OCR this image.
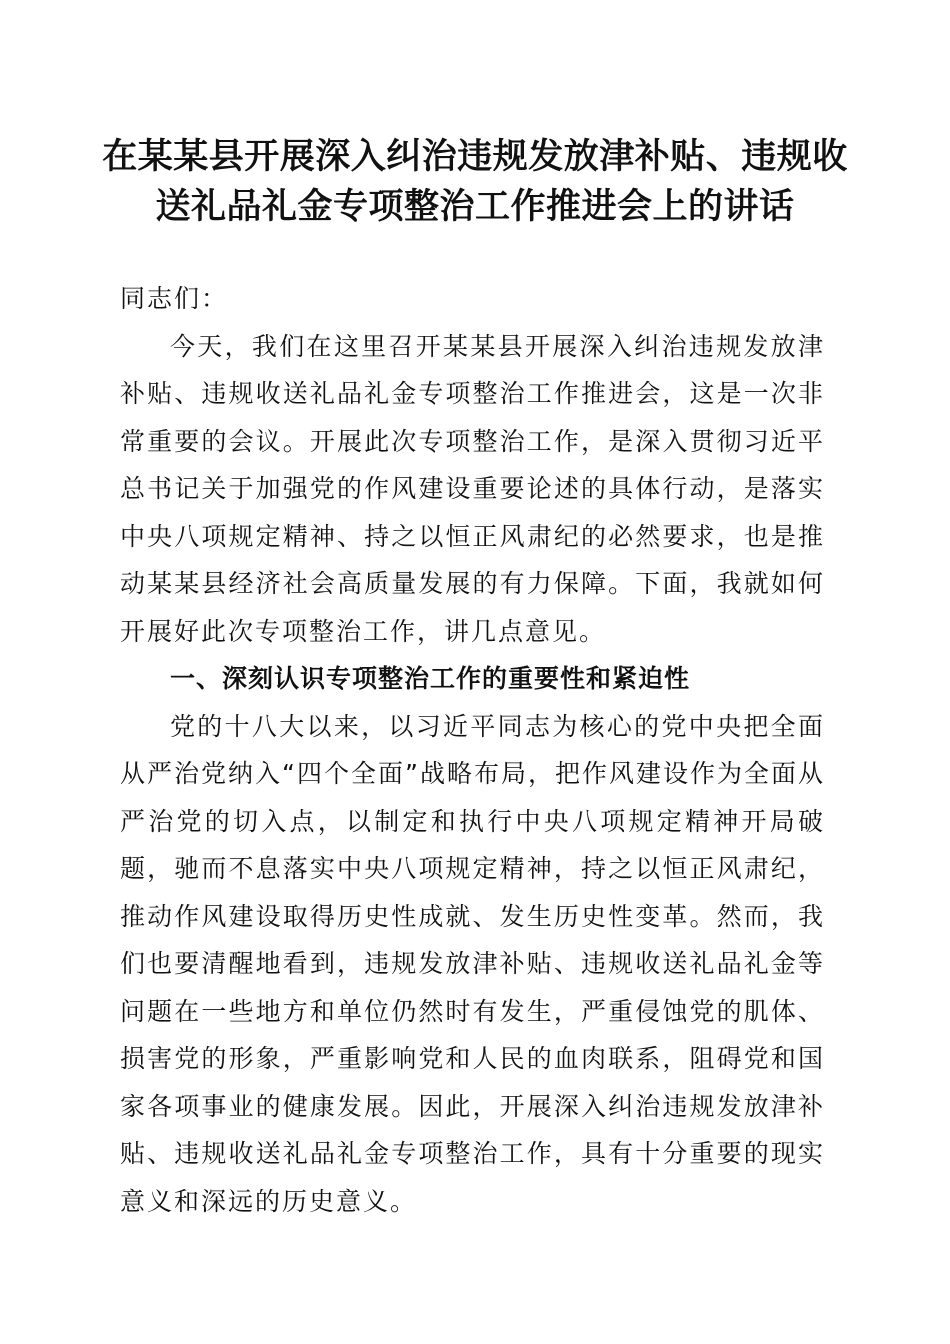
在某某县开展深入纠治违规发放津补贴、违规收送礼品礼金专项整治工作推进会上的讲话

同志们：

今天，我们在这里召开某某县开展深入纠治违规发放津补贴、违规收送礼品礼金专项整治工作推进会，这是一次非常重要的会议。开展此次专项整治工作，是深入贯彻习近平总书记关于加强党的作风建设重要论述的具体行动，是落实中央八项规定精神、持之以恒正风肃纪的必然要求，也是推动某某县经济社会高质量发展的有力保障。下面，我就如何开展好此次专项整治工作，讲几点意见。

一、深刻认识专项整治工作的重要性和紧迫性

党的十八大以来，以习近平同志为核心的党中央把全面从严治党纳入“四个全面”战略布局，把作风建设作为全面从严治党的切入点，以制定和执行中央八项规定精神开局破题，驰而不息落实中央八项规定精神，持之以恒正风肃纪，推动作风建设取得历史性成就、发生历史性变革。然而，我们也要清醒地看到，违规发放津补贴、违规收送礼品礼金等问题在一些地方和单位仍然时有发生，严重侵蚀党的肌体、损害党的形象，严重影响党和人民的血肉联系，阻碍党和国家各项事业的健康发展。因此，开展深入纠治违规发放津补贴、违规收送礼品礼金专项整治工作，具有十分重要的现实意义和深远的历史意义。
